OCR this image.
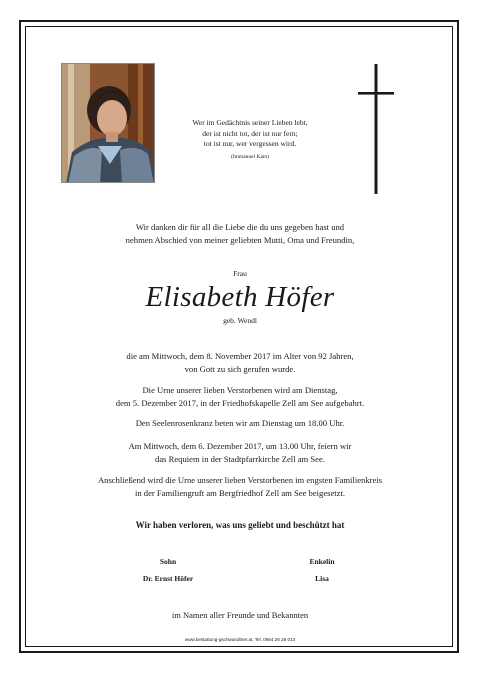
Wer im Gedächtnis seiner Lieben lebt,
der ist nicht tot, der ist nur fern;
tot ist nur, wer vergessen wird.
(Immanuel Kant)
Wir danken dir für all die Liebe die du uns gegeben hast und
nehmen Abschied von meiner geliebten Mutti, Oma und Freundin,
Frau
Elisabeth Höfer
geb. Wendl
die am Mittwoch, dem 8. November 2017 im Alter von 92 Jahren,
von Gott zu sich gerufen wurde.
Die Urne unserer lieben Verstorbenen wird am Dienstag,
dem 5. Dezember 2017, in der Friedhofskapelle Zell am See aufgebahrt.
Den Seelenrosenkranz beten wir am Dienstag um 18.00 Uhr.
Am Mittwoch, dem 6. Dezember 2017, um 13.00 Uhr, feiern wir
das Requiem in der Stadtpfarrkirche Zell am See.
Anschließend wird die Urne unserer lieben Verstorbenen im engsten Familienkreis
in der Familiengruft am Bergfriedhof Zell am See beigesetzt.
Wir haben verloren, was uns geliebt und beschützt hat
Sohn
Dr. Ernst Höfer
Enkelin
Lisa
im Namen aller Freunde und Bekannten
www.bestattung-gschwandtner.at, Tel. 0664 26 28 013
